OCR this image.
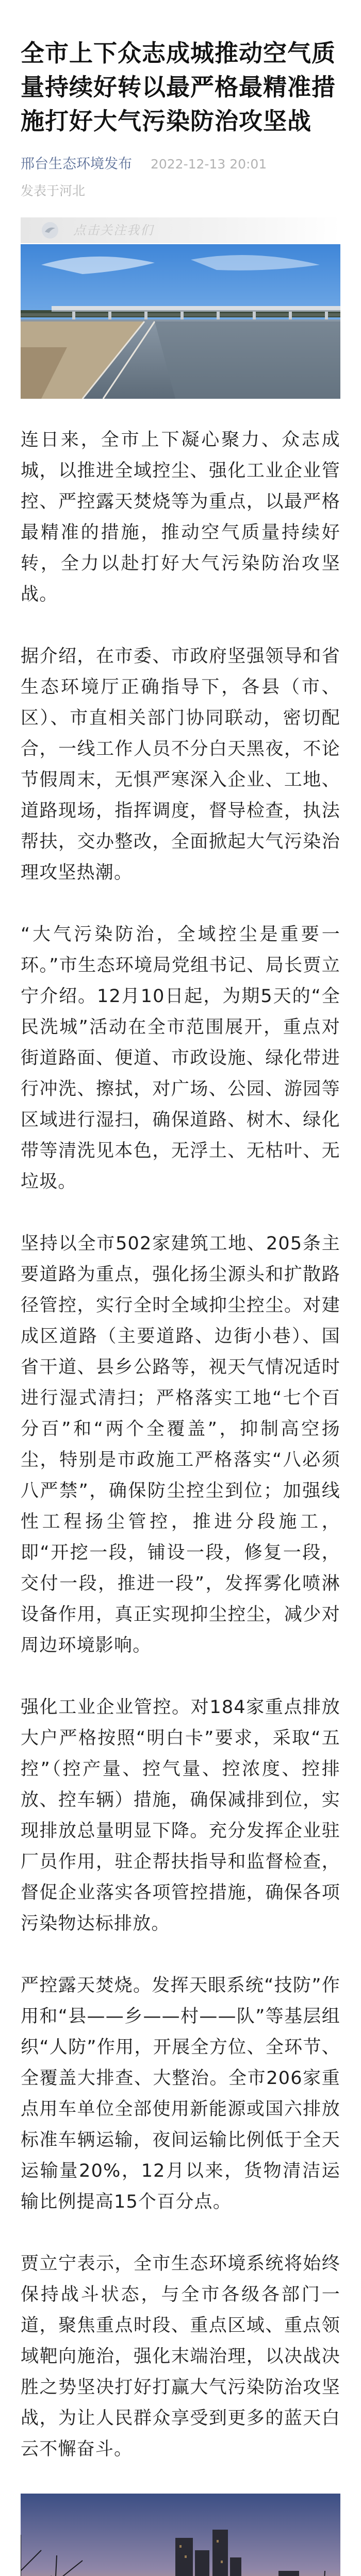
全市上下众志成城推动空气质量持续好转以最严格最精准措施打好大气污染防治攻坚战
邢台生态环境发布 2022-12-13 20:01
发表于河北
点击关注我们

连日来，全市上下凝心聚力、众志成城，以推进全域控尘、强化工业企业管控、严控露天焚烧等为重点，以最严格最精准的措施，推动空气质量持续好转，全力以赴打好大气污染防治攻坚战。

据介绍，在市委、市政府坚强领导和省生态环境厅正确指导下，各县（市、区）、市直相关部门协同联动，密切配合，一线工作人员不分白天黑夜，不论节假周末，无惧严寒深入企业、工地、道路现场，指挥调度，督导检查，执法帮扶，交办整改，全面掀起大气污染治理攻坚热潮。

“大气污染防治，全域控尘是重要一环。”市生态环境局党组书记、局长贾立宁介绍。12月10日起，为期5天的“全民洗城”活动在全市范围展开，重点对街道路面、便道、市政设施、绿化带进行冲洗、擦拭，对广场、公园、游园等区域进行湿扫，确保道路、树木、绿化带等清洗见本色，无浮土、无枯叶、无垃圾。

坚持以全市502家建筑工地、205条主要道路为重点，强化扬尘源头和扩散路径管控，实行全时全域抑尘控尘。对建成区道路（主要道路、边街小巷）、国省干道、县乡公路等，视天气情况适时进行湿式清扫；严格落实工地“七个百分百”和“两个全覆盖”，抑制高空扬尘，特别是市政施工严格落实“八必须八严禁”，确保防尘控尘到位；加强线性工程扬尘管控，推进分段施工，即“开挖一段，铺设一段，修复一段，交付一段，推进一段”，发挥雾化喷淋设备作用，真正实现抑尘控尘，减少对周边环境影响。

强化工业企业管控。对184家重点排放大户严格按照“明白卡”要求，采取“五控”（控产量、控气量、控浓度、控排放、控车辆）措施，确保减排到位，实现排放总量明显下降。充分发挥企业驻厂员作用，驻企帮扶指导和监督检查，督促企业落实各项管控措施，确保各项污染物达标排放。

严控露天焚烧。发挥天眼系统“技防”作用和“县——乡——村——队”等基层组织“人防”作用，开展全方位、全环节、全覆盖大排查、大整治。全市206家重点用车单位全部使用新能源或国六排放标准车辆运输，夜间运输比例低于全天运输量20%，12月以来，货物清洁运输比例提高15个百分点。

贾立宁表示，全市生态环境系统将始终保持战斗状态，与全市各级各部门一道，聚焦重点时段、重点区域、重点领域靶向施治，强化末端治理，以决战决胜之势坚决打好打赢大气污染防治攻坚战，为让人民群众享受到更多的蓝天白云不懈奋斗。
